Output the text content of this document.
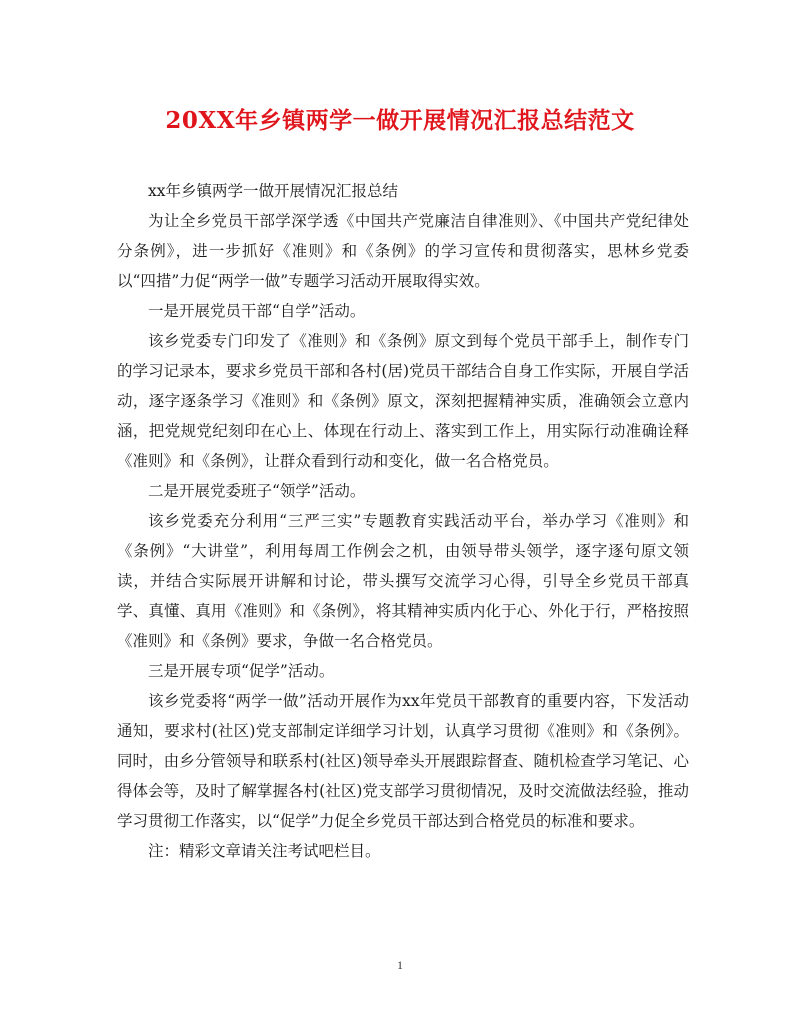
20XX年乡镇两学一做开展情况汇报总结范文

xx年乡镇两学一做开展情况汇报总结

为让全乡党员干部学深学透《中国共产党廉洁自律准则》、《中国共产党纪律处分条例》，进一步抓好《准则》和《条例》的学习宣传和贯彻落实，思林乡党委以“四措”力促“两学一做”专题学习活动开展取得实效。

一是开展党员干部“自学”活动。

该乡党委专门印发了《准则》和《条例》原文到每个党员干部手上，制作专门的学习记录本，要求乡党员干部和各村(居)党员干部结合自身工作实际，开展自学活动，逐字逐条学习《准则》和《条例》原文，深刻把握精神实质，准确领会立意内涵，把党规党纪刻印在心上、体现在行动上、落实到工作上，用实际行动准确诠释《准则》和《条例》，让群众看到行动和变化，做一名合格党员。

二是开展党委班子“领学”活动。

该乡党委充分利用“三严三实”专题教育实践活动平台，举办学习《准则》和《条例》“大讲堂”，利用每周工作例会之机，由领导带头领学，逐字逐句原文领读，并结合实际展开讲解和讨论，带头撰写交流学习心得，引导全乡党员干部真学、真懂、真用《准则》和《条例》，将其精神实质内化于心、外化于行，严格按照《准则》和《条例》要求，争做一名合格党员。

三是开展专项“促学”活动。

该乡党委将“两学一做”活动开展作为xx年党员干部教育的重要内容，下发活动通知，要求村(社区)党支部制定详细学习计划，认真学习贯彻《准则》和《条例》。同时，由乡分管领导和联系村(社区)领导牵头开展跟踪督查、随机检查学习笔记、心得体会等，及时了解掌握各村(社区)党支部学习贯彻情况，及时交流做法经验，推动学习贯彻工作落实，以“促学”力促全乡党员干部达到合格党员的标准和要求。

注：精彩文章请关注考试吧栏目。

1
